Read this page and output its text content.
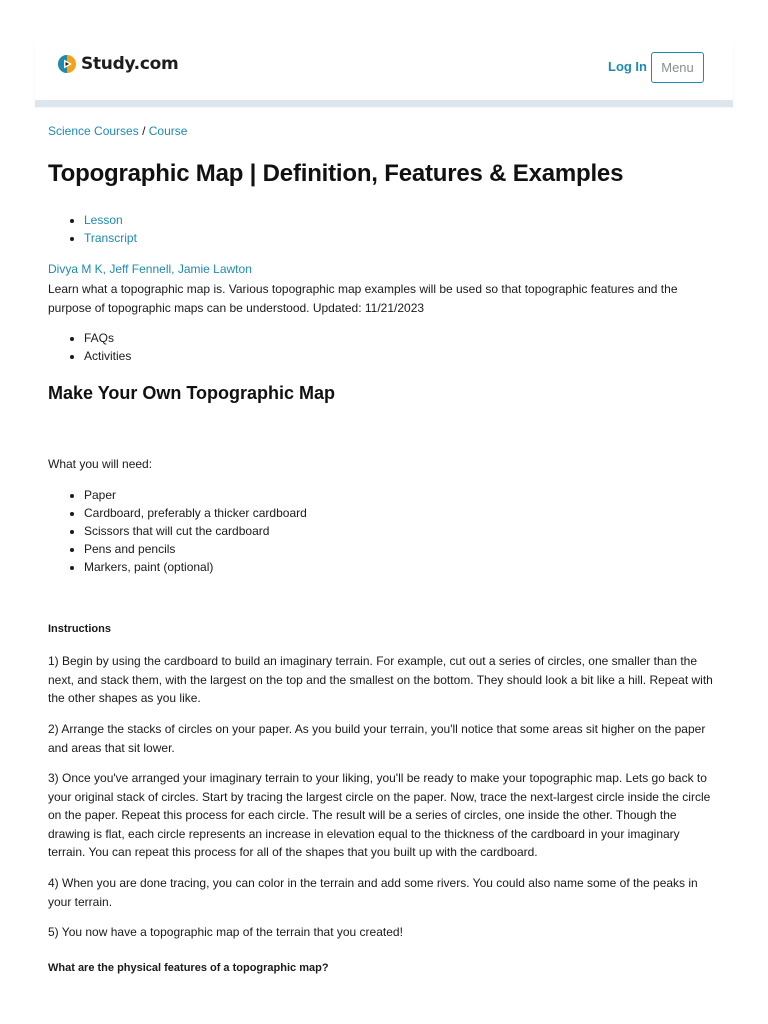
Study.com	Log In	Menu
Science Courses / Course
Topographic Map | Definition, Features & Examples
• Lesson
• Transcript
Divya M K, Jeff Fennell, Jamie Lawton
Learn what a topographic map is. Various topographic map examples will be used so that topographic features and the purpose of topographic maps can be understood. Updated: 11/21/2023
• FAQs
• Activities
Make Your Own Topographic Map
What you will need:
• Paper
• Cardboard, preferably a thicker cardboard
• Scissors that will cut the cardboard
• Pens and pencils
• Markers, paint (optional)
Instructions

1) Begin by using the cardboard to build an imaginary terrain. For example, cut out a series of circles, one smaller than the next, and stack them, with the largest on the top and the smallest on the bottom. They should look a bit like a hill. Repeat with the other shapes as you like.

2) Arrange the stacks of circles on your paper. As you build your terrain, you'll notice that some areas sit higher on the paper and areas that sit lower.

3) Once you've arranged your imaginary terrain to your liking, you'll be ready to make your topographic map. Lets go back to your original stack of circles. Start by tracing the largest circle on the paper. Now, trace the next-largest circle inside the circle on the paper. Repeat this process for each circle. The result will be a series of circles, one inside the other. Though the drawing is flat, each circle represents an increase in elevation equal to the thickness of the cardboard in your imaginary terrain. You can repeat this process for all of the shapes that you built up with the cardboard.

4) When you are done tracing, you can color in the terrain and add some rivers. You could also name some of the peaks in your terrain.

5) You now have a topographic map of the terrain that you created!

What are the physical features of a topographic map?
